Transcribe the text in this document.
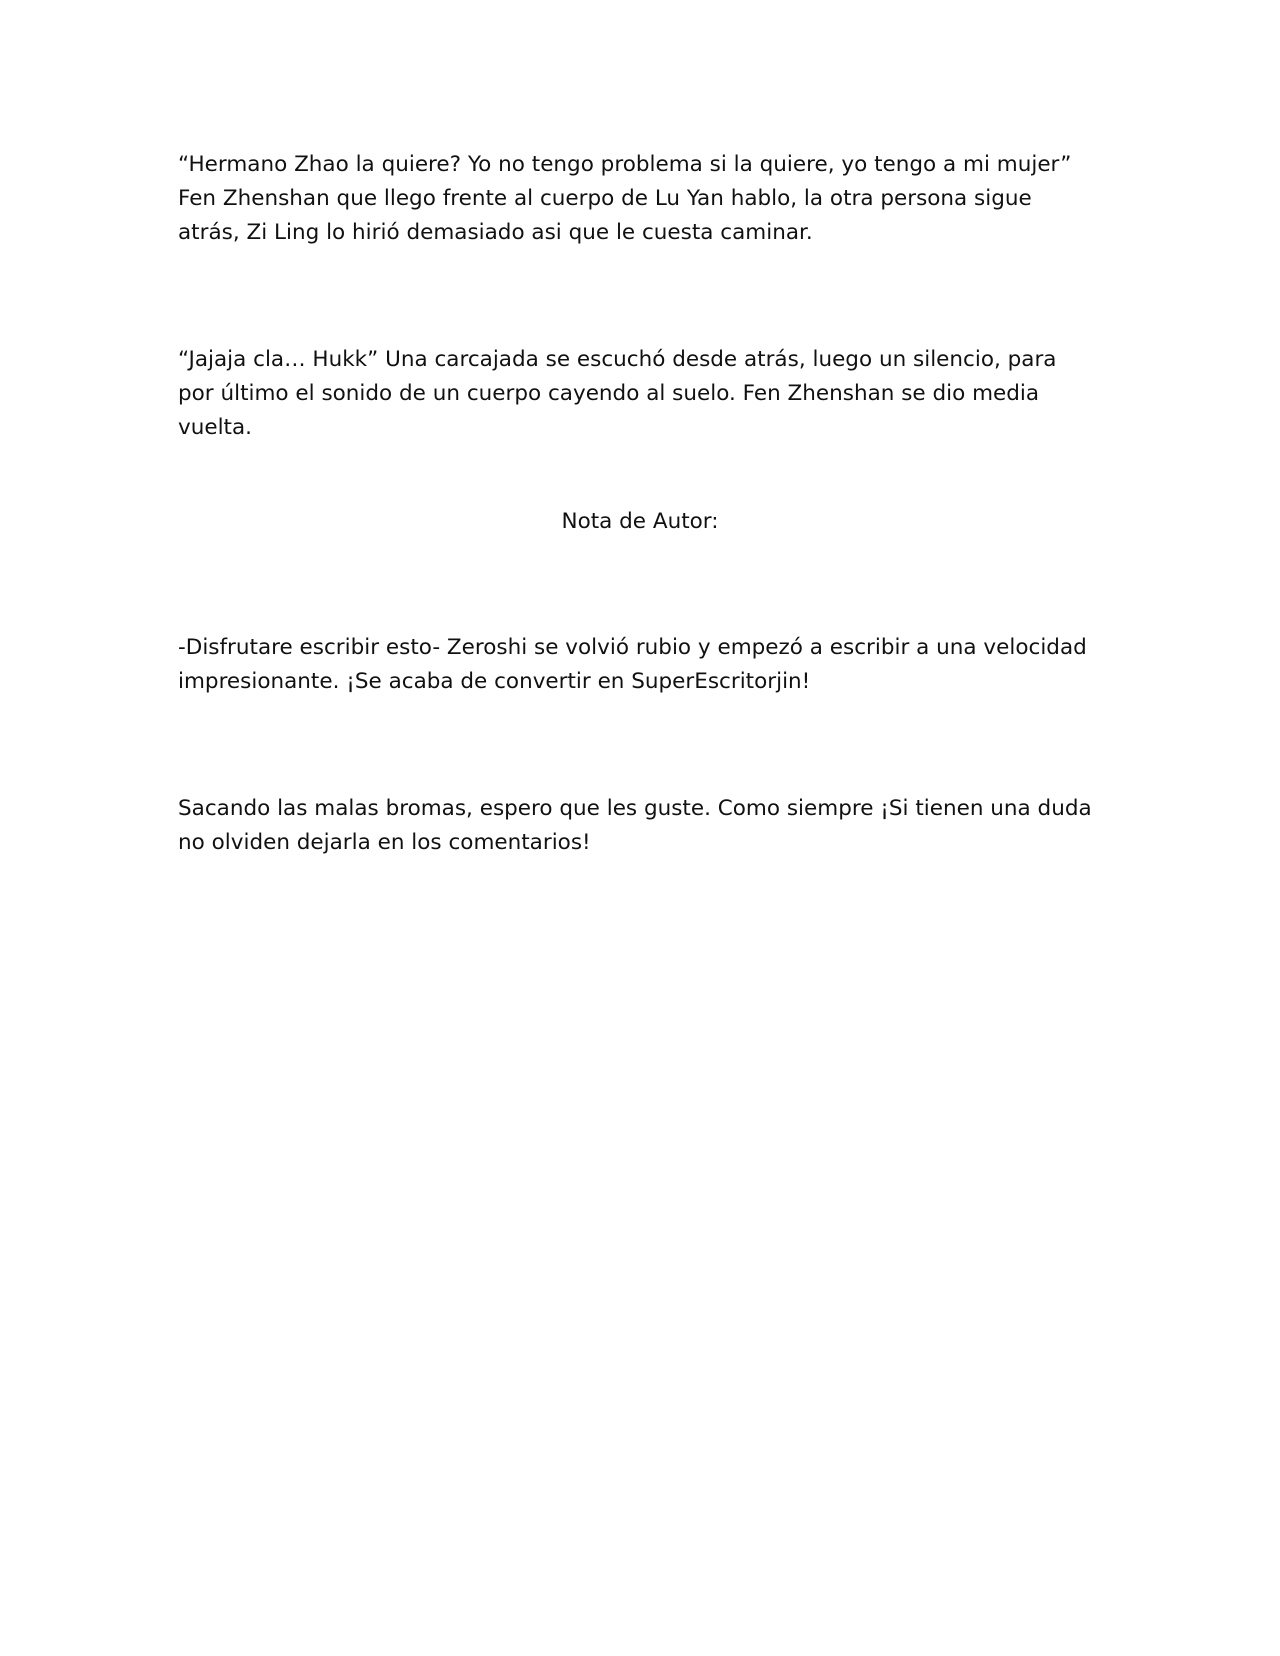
“Hermano Zhao la quiere? Yo no tengo problema si la quiere, yo tengo a mi mujer” Fen Zhenshan que llego frente al cuerpo de Lu Yan hablo, la otra persona sigue atrás, Zi Ling lo hirió demasiado asi que le cuesta caminar.

“Jajaja cla… Hukk” Una carcajada se escuchó desde atrás, luego un silencio, para por último el sonido de un cuerpo cayendo al suelo. Fen Zhenshan se dio media vuelta.

Nota de Autor:

-Disfrutare escribir esto- Zeroshi se volvió rubio y empezó a escribir a una velocidad impresionante. ¡Se acaba de convertir en SuperEscritorjin!

Sacando las malas bromas, espero que les guste. Como siempre ¡Si tienen una duda no olviden dejarla en los comentarios!
